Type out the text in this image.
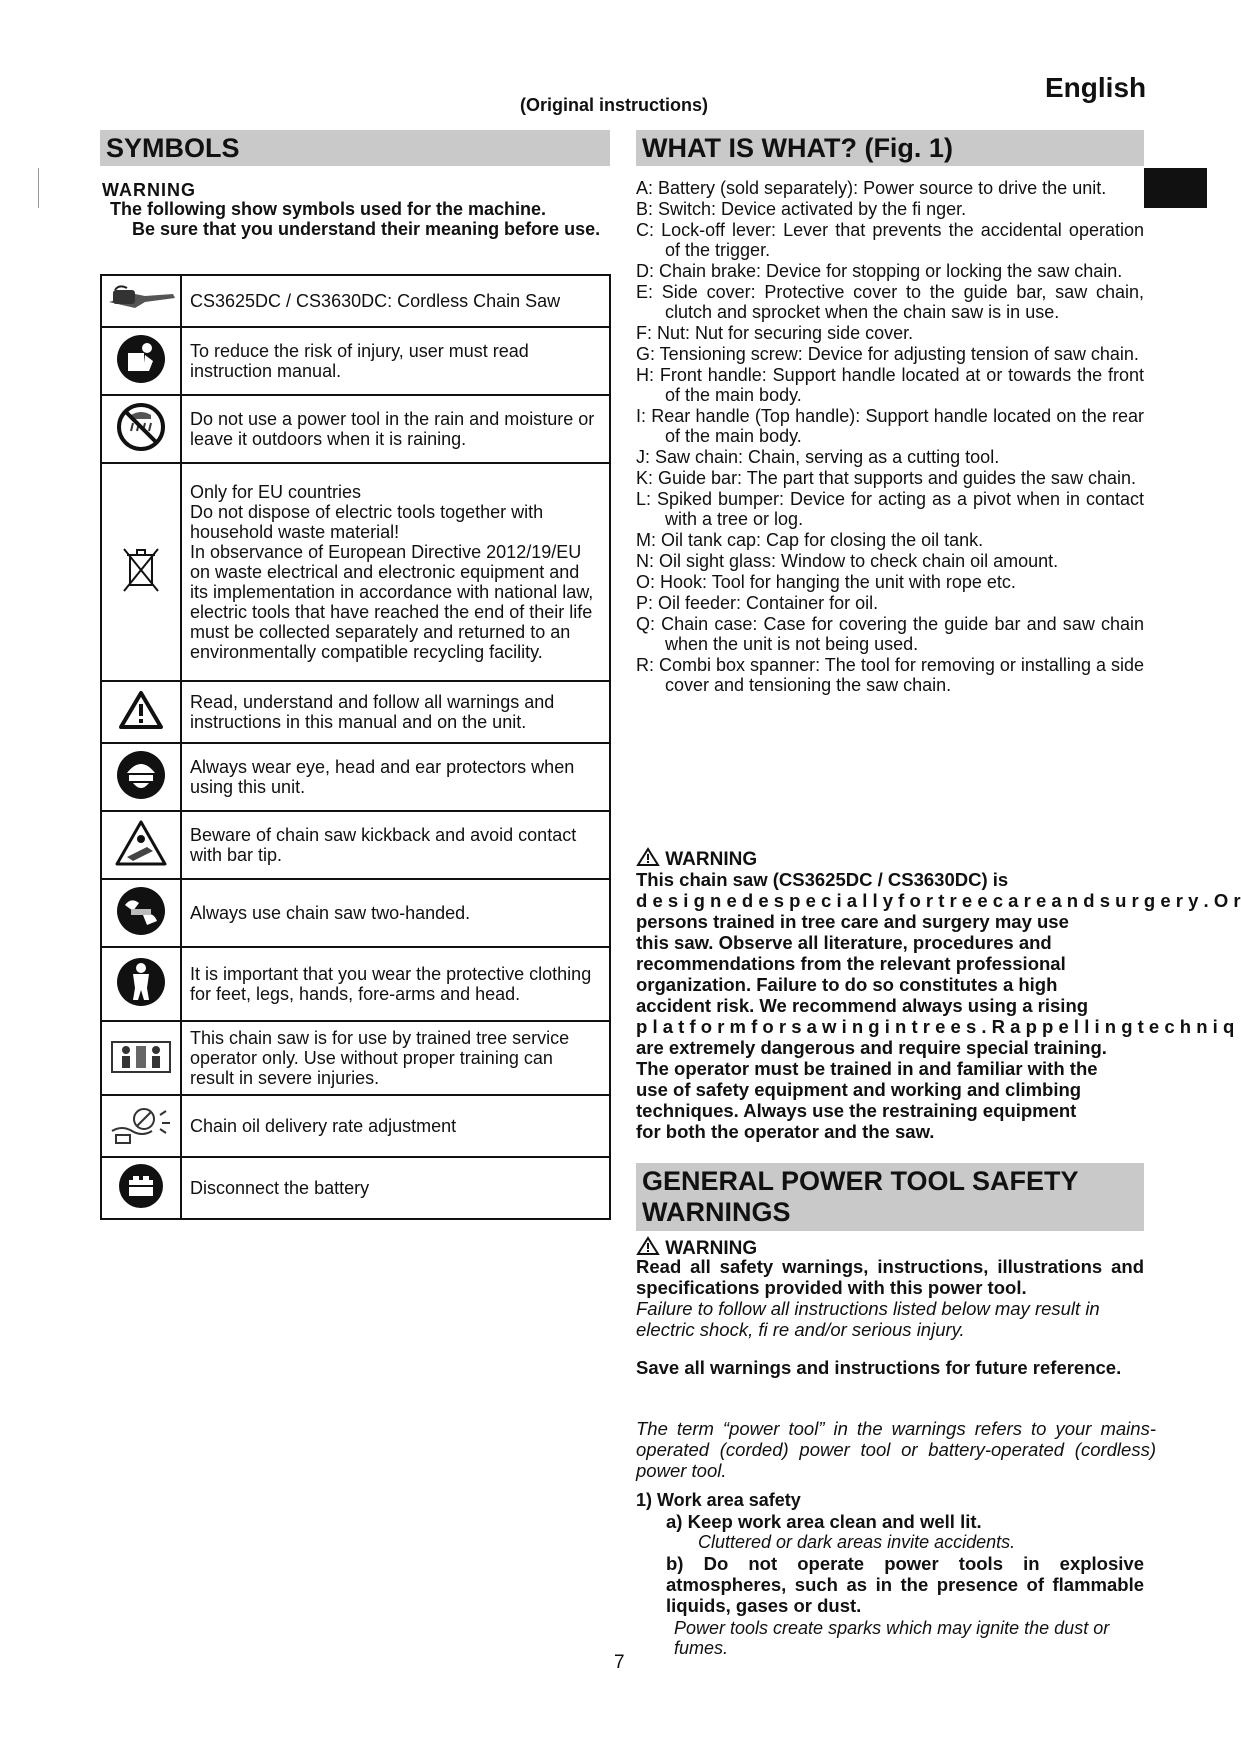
(Original instructions)
English
SYMBOLS
WARNING
The following show symbols used for the machine.
Be sure that you understand their meaning before use.
	CS3625DC / CS3630DC: Cordless Chain Saw
	To reduce the risk of injury, user must read instruction manual.
	Do not use a power tool in the rain and moisture or leave it outdoors when it is raining.
	Only for EU countries
Do not dispose of electric tools together with household waste material!
In observance of European Directive 2012/19/EU on waste electrical and electronic equipment and its implementation in accordance with national law, electric tools that have reached the end of their life must be collected separately and returned to an environmentally compatible recycling facility.
	Read, understand and follow all warnings and instructions in this manual and on the unit.
	Always wear eye, head and ear protectors when using this unit.
	Beware of chain saw kickback and avoid contact with bar tip.
	Always use chain saw two-handed.
	It is important that you wear the protective clothing for feet, legs, hands, fore-arms and head.
	This chain saw is for use by trained tree service operator only. Use without proper training can result in severe injuries.
	Chain oil delivery rate adjustment
	Disconnect the battery
WHAT IS WHAT? (Fig. 1)
A: Battery (sold separately): Power source to drive the unit.
B: Switch: Device activated by the fi nger.
C: Lock-off lever: Lever that prevents the accidental operation of the trigger.
D: Chain brake: Device for stopping or locking the saw chain.
E: Side cover: Protective cover to the guide bar, saw chain, clutch and sprocket when the chain saw is in use.
F: Nut: Nut for securing side cover.
G: Tensioning screw: Device for adjusting tension of saw chain.
H: Front handle: Support handle located at or towards the front of the main body.
I: Rear handle (Top handle): Support handle located on the rear of the main body.
J: Saw chain: Chain, serving as a cutting tool.
K: Guide bar: The part that supports and guides the saw chain.
L: Spiked bumper: Device for acting as a pivot when in contact with a tree or log.
M: Oil tank cap: Cap for closing the oil tank.
N: Oil sight glass: Window to check chain oil amount.
O: Hook: Tool for hanging the unit with rope etc.
P: Oil feeder: Container for oil.
Q: Chain case: Case for covering the guide bar and saw chain when the unit is not being used.
R: Combi box spanner: The tool for removing or installing a side cover and tensioning the saw chain.
WARNING
This chain saw (CS3625DC / CS3630DC) is
d e s i g n e d e s p e c i a l l y f o r t r e e c a r e a n d s u r g e r y . O r
persons trained in tree care and surgery may use
this saw. Observe all literature, procedures and
recommendations from the relevant professional
organization. Failure to do so constitutes a high
accident risk. We recommend always using a rising
p l a t f o r m f o r s a w i n g i n t r e e s . R a p p e l l i n g t e c h n i q
are extremely dangerous and require special training.
The operator must be trained in and familiar with the
use of safety equipment and working and climbing
techniques. Always use the restraining equipment
for both the operator and the saw.
GENERAL POWER TOOL SAFETY WARNINGS
WARNING
Read all safety warnings, instructions, illustrations and specifications provided with this power tool.
Failure to follow all instructions listed below may result in electric shock, fi re and/or serious injury.
Save all warnings and instructions for future reference.
The term “power tool” in the warnings refers to your mains-operated (corded) power tool or battery-operated (cordless) power tool.
1) Work area safety
a) Keep work area clean and well lit.
Cluttered or dark areas invite accidents.
b) Do not operate power tools in explosive atmospheres, such as in the presence of flammable liquids, gases or dust.
Power tools create sparks which may ignite the dust or fumes.
7
